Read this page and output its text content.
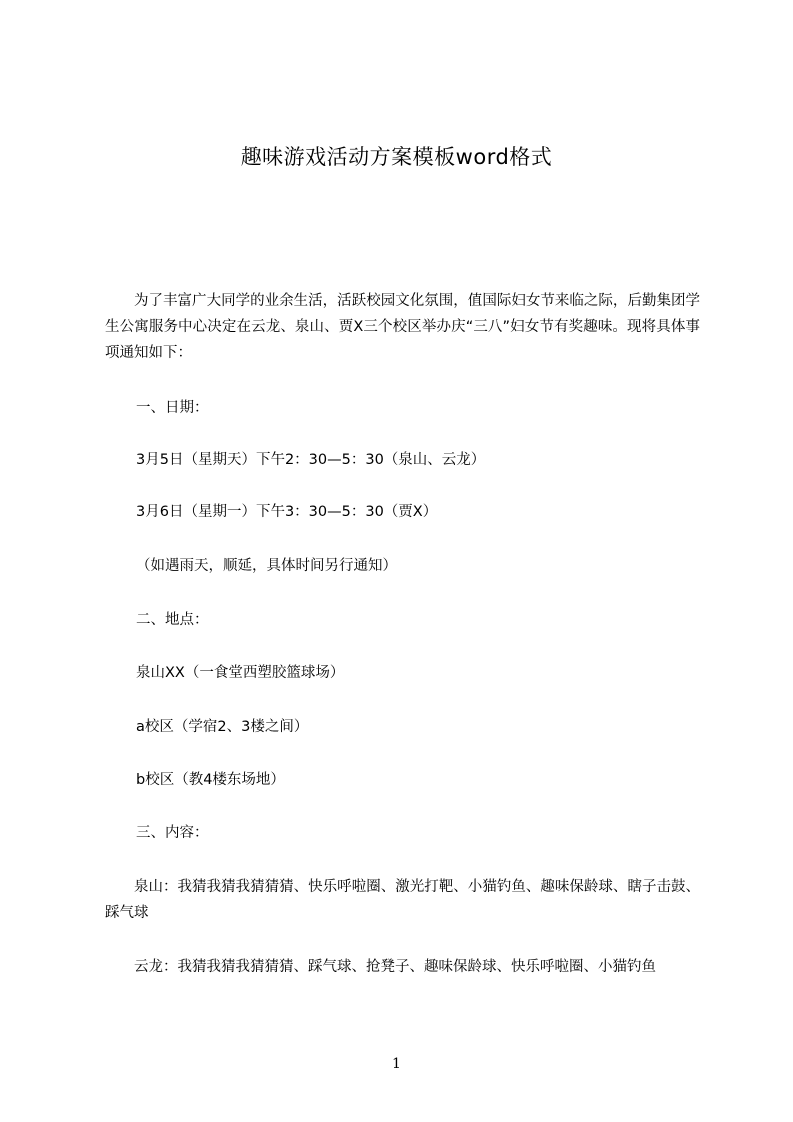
趣味游戏活动方案模板word格式

为了丰富广大同学的业余生活，活跃校园文化氛围，值国际妇女节来临之际，后勤集团学生公寓服务中心决定在云龙、泉山、贾X三个校区举办庆“三八”妇女节有奖趣味。现将具体事项通知如下：

一、日期：

3月5日（星期天）下午2：30—5：30（泉山、云龙）

3月6日（星期一）下午3：30—5：30（贾X）

（如遇雨天，顺延，具体时间另行通知）

二、地点：

泉山XX（一食堂西塑胶篮球场）

a校区（学宿2、3楼之间）

b校区（教4楼东场地）

三、内容：

泉山：我猜我猜我猜猜猜、快乐呼啦圈、激光打靶、小猫钓鱼、趣味保龄球、瞎子击鼓、踩气球

云龙：我猜我猜我猜猜猜、踩气球、抢凳子、趣味保龄球、快乐呼啦圈、小猫钓鱼

1
